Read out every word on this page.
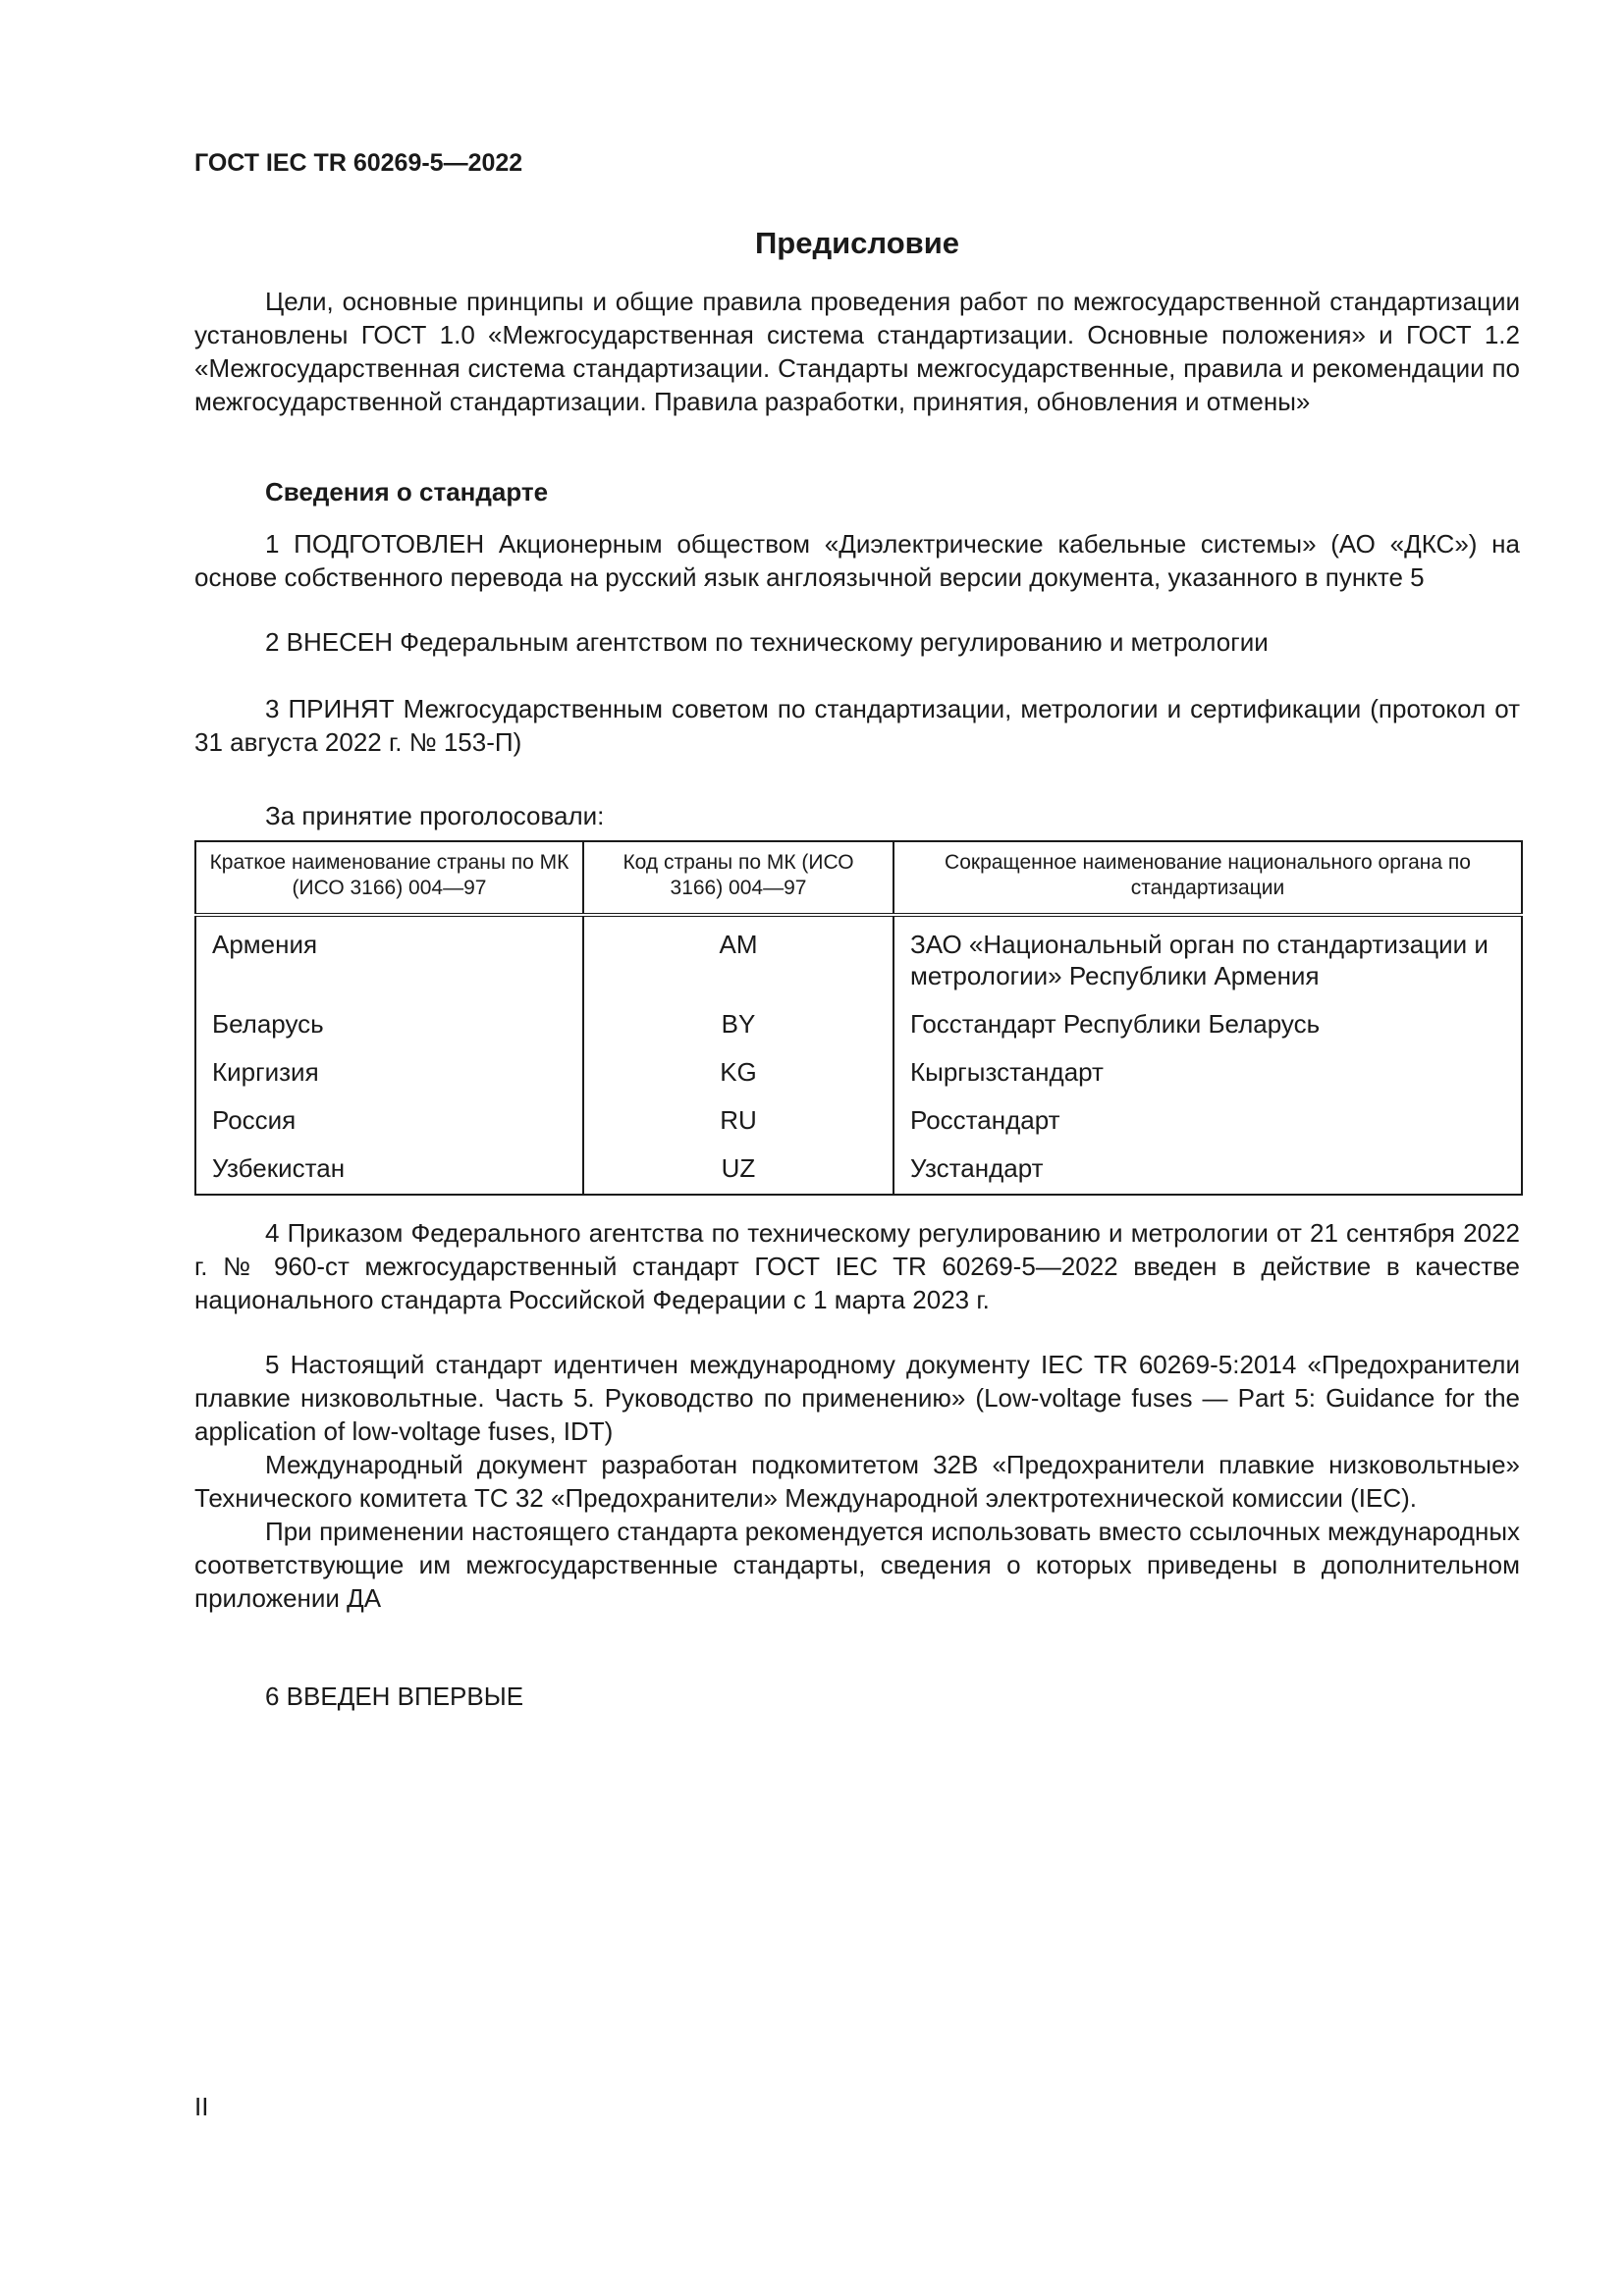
ГОСТ IEC TR 60269-5—2022
Предисловие

Цели, основные принципы и общие правила проведения работ по межгосударственной стандартизации установлены ГОСТ 1.0 «Межгосударственная система стандартизации. Основные положения» и ГОСТ 1.2 «Межгосударственная система стандартизации. Стандарты межгосударственные, правила и рекомендации по межгосударственной стандартизации. Правила разработки, принятия, обновления и отмены»

Сведения о стандарте

1 ПОДГОТОВЛЕН Акционерным обществом «Диэлектрические кабельные системы» (АО «ДКС») на основе собственного перевода на русский язык англоязычной версии документа, указанного в пункте 5

2 ВНЕСЕН Федеральным агентством по техническому регулированию и метрологии

3 ПРИНЯТ Межгосударственным советом по стандартизации, метрологии и сертификации (протокол от 31 августа 2022 г. № 153-П)

За принятие проголосовали:
Краткое наименование страны по МК (ИСО 3166) 004—97	Код страны по МК (ИСО 3166) 004—97	Сокращенное наименование национального органа по стандартизации
Армения	AM	ЗАО «Национальный орган по стандартизации и метрологии» Республики Армения
Беларусь	BY	Госстандарт Республики Беларусь
Киргизия	KG	Кыргызстандарт
Россия	RU	Росстандарт
Узбекистан	UZ	Узстандарт

4 Приказом Федерального агентства по техническому регулированию и метрологии от 21 сентября 2022 г. № 960-ст межгосударственный стандарт ГОСТ IEC TR 60269-5—2022 введен в действие в качестве национального стандарта Российской Федерации с 1 марта 2023 г.

5 Настоящий стандарт идентичен международному документу IEC TR 60269-5:2014 «Предохранители плавкие низковольтные. Часть 5. Руководство по применению» (Low-voltage fuses — Part 5: Guidance for the application of low-voltage fuses, IDT)

Международный документ разработан подкомитетом 32В «Предохранители плавкие низковольтные» Технического комитета ТС 32 «Предохранители» Международной электротехнической комиссии (IEC).

При применении настоящего стандарта рекомендуется использовать вместо ссылочных международных соответствующие им межгосударственные стандарты, сведения о которых приведены в дополнительном приложении ДА

6 ВВЕДЕН ВПЕРВЫЕ

II
